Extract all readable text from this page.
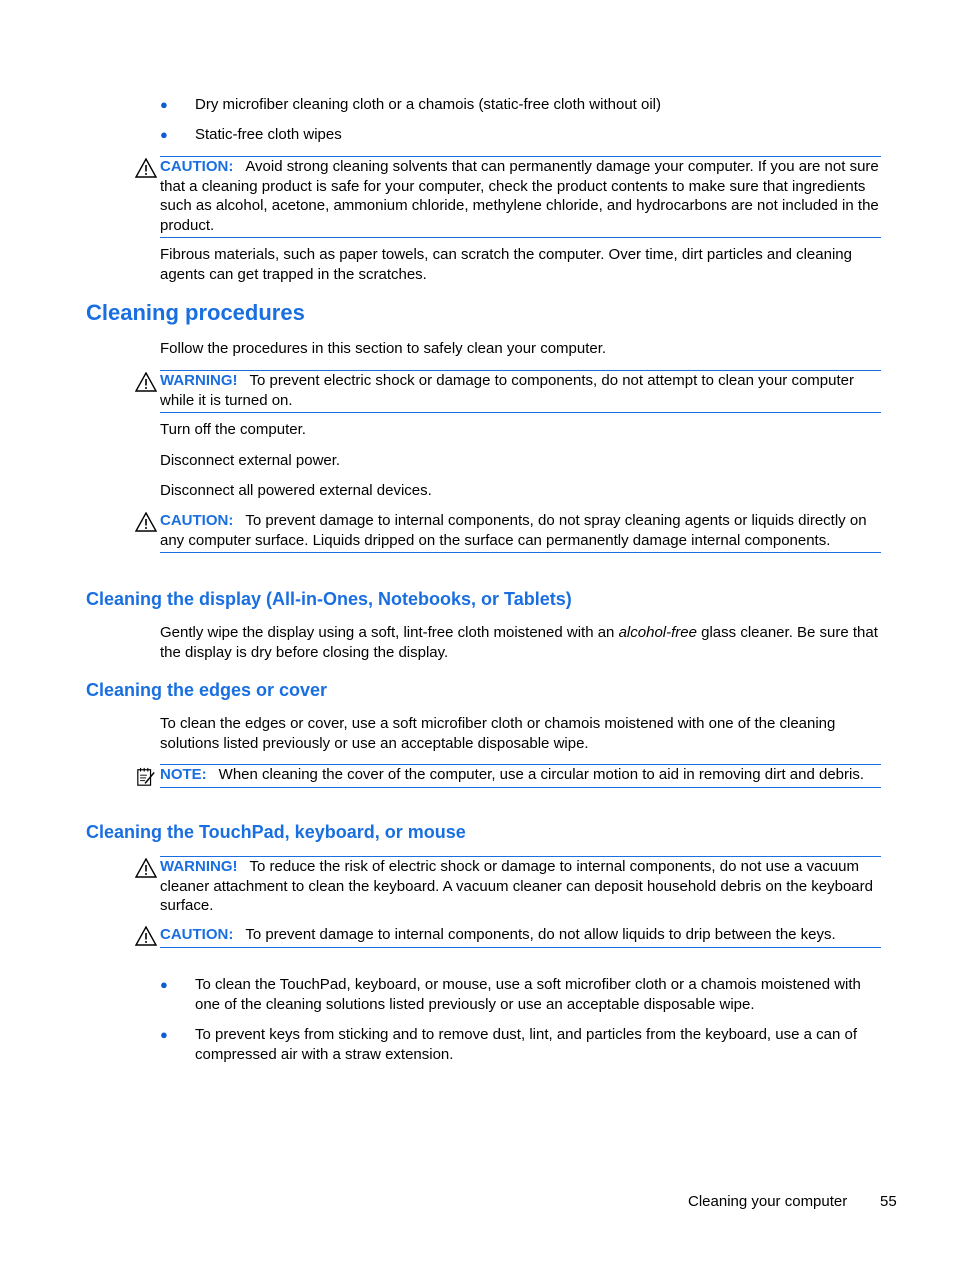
● Dry microfiber cleaning cloth or a chamois (static-free cloth without oil)
● Static-free cloth wipes
CAUTION: Avoid strong cleaning solvents that can permanently damage your computer. If you are not sure that a cleaning product is safe for your computer, check the product contents to make sure that ingredients such as alcohol, acetone, ammonium chloride, methylene chloride, and hydrocarbons are not included in the product.
Fibrous materials, such as paper towels, can scratch the computer. Over time, dirt particles and cleaning agents can get trapped in the scratches.
Cleaning procedures
Follow the procedures in this section to safely clean your computer.
WARNING! To prevent electric shock or damage to components, do not attempt to clean your computer while it is turned on.
Turn off the computer.
Disconnect external power.
Disconnect all powered external devices.
CAUTION: To prevent damage to internal components, do not spray cleaning agents or liquids directly on any computer surface. Liquids dripped on the surface can permanently damage internal components.
Cleaning the display (All-in-Ones, Notebooks, or Tablets)
Gently wipe the display using a soft, lint-free cloth moistened with an alcohol-free glass cleaner. Be sure that the display is dry before closing the display.
Cleaning the edges or cover
To clean the edges or cover, use a soft microfiber cloth or chamois moistened with one of the cleaning solutions listed previously or use an acceptable disposable wipe.
NOTE: When cleaning the cover of the computer, use a circular motion to aid in removing dirt and debris.
Cleaning the TouchPad, keyboard, or mouse
WARNING! To reduce the risk of electric shock or damage to internal components, do not use a vacuum cleaner attachment to clean the keyboard. A vacuum cleaner can deposit household debris on the keyboard surface.
CAUTION: To prevent damage to internal components, do not allow liquids to drip between the keys.
● To clean the TouchPad, keyboard, or mouse, use a soft microfiber cloth or a chamois moistened with one of the cleaning solutions listed previously or use an acceptable disposable wipe.
● To prevent keys from sticking and to remove dust, lint, and particles from the keyboard, use a can of compressed air with a straw extension.
Cleaning your computer 55
